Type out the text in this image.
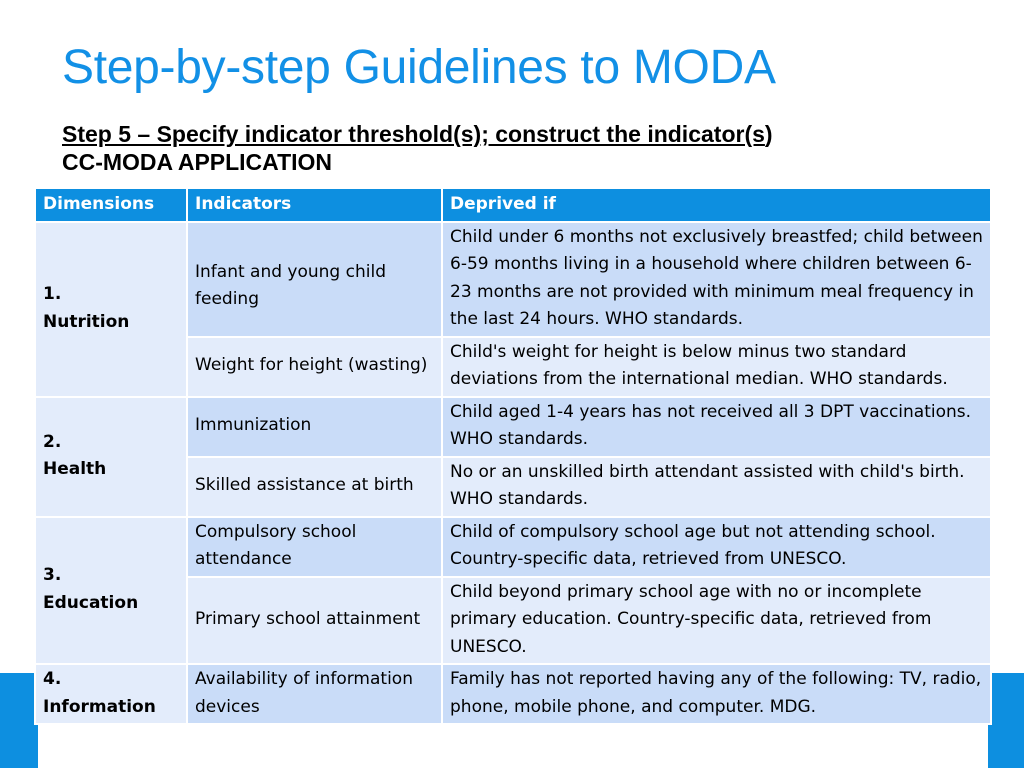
Step-by-step Guidelines to MODA
Step 5 – Specify indicator threshold(s); construct the indicator(s)
CC-MODA APPLICATION
Dimensions	Indicators	Deprived if

1.
Nutrition	Infant and young child feeding	Child under 6 months not exclusively breastfed; child between 6-59 months living in a household where children between 6-23 months are not provided with minimum meal frequency in the last 24 hours. WHO standards.
	Weight for height (wasting)	Child's weight for height is below minus two standard deviations from the international median. WHO standards.

2.
Health	Immunization	Child aged 1-4 years has not received all 3 DPT vaccinations. WHO standards.
	Skilled assistance at birth	No or an unskilled birth attendant assisted with child's birth. WHO standards.

3.
Education	Compulsory school attendance	Child of compulsory school age but not attending school. Country-specific data, retrieved from UNESCO.
	Primary school attainment	Child beyond primary school age with no or incomplete primary education. Country-specific data, retrieved from UNESCO.

4.
Information	Availability of information devices	Family has not reported having any of the following: TV, radio, phone, mobile phone, and computer. MDG.
